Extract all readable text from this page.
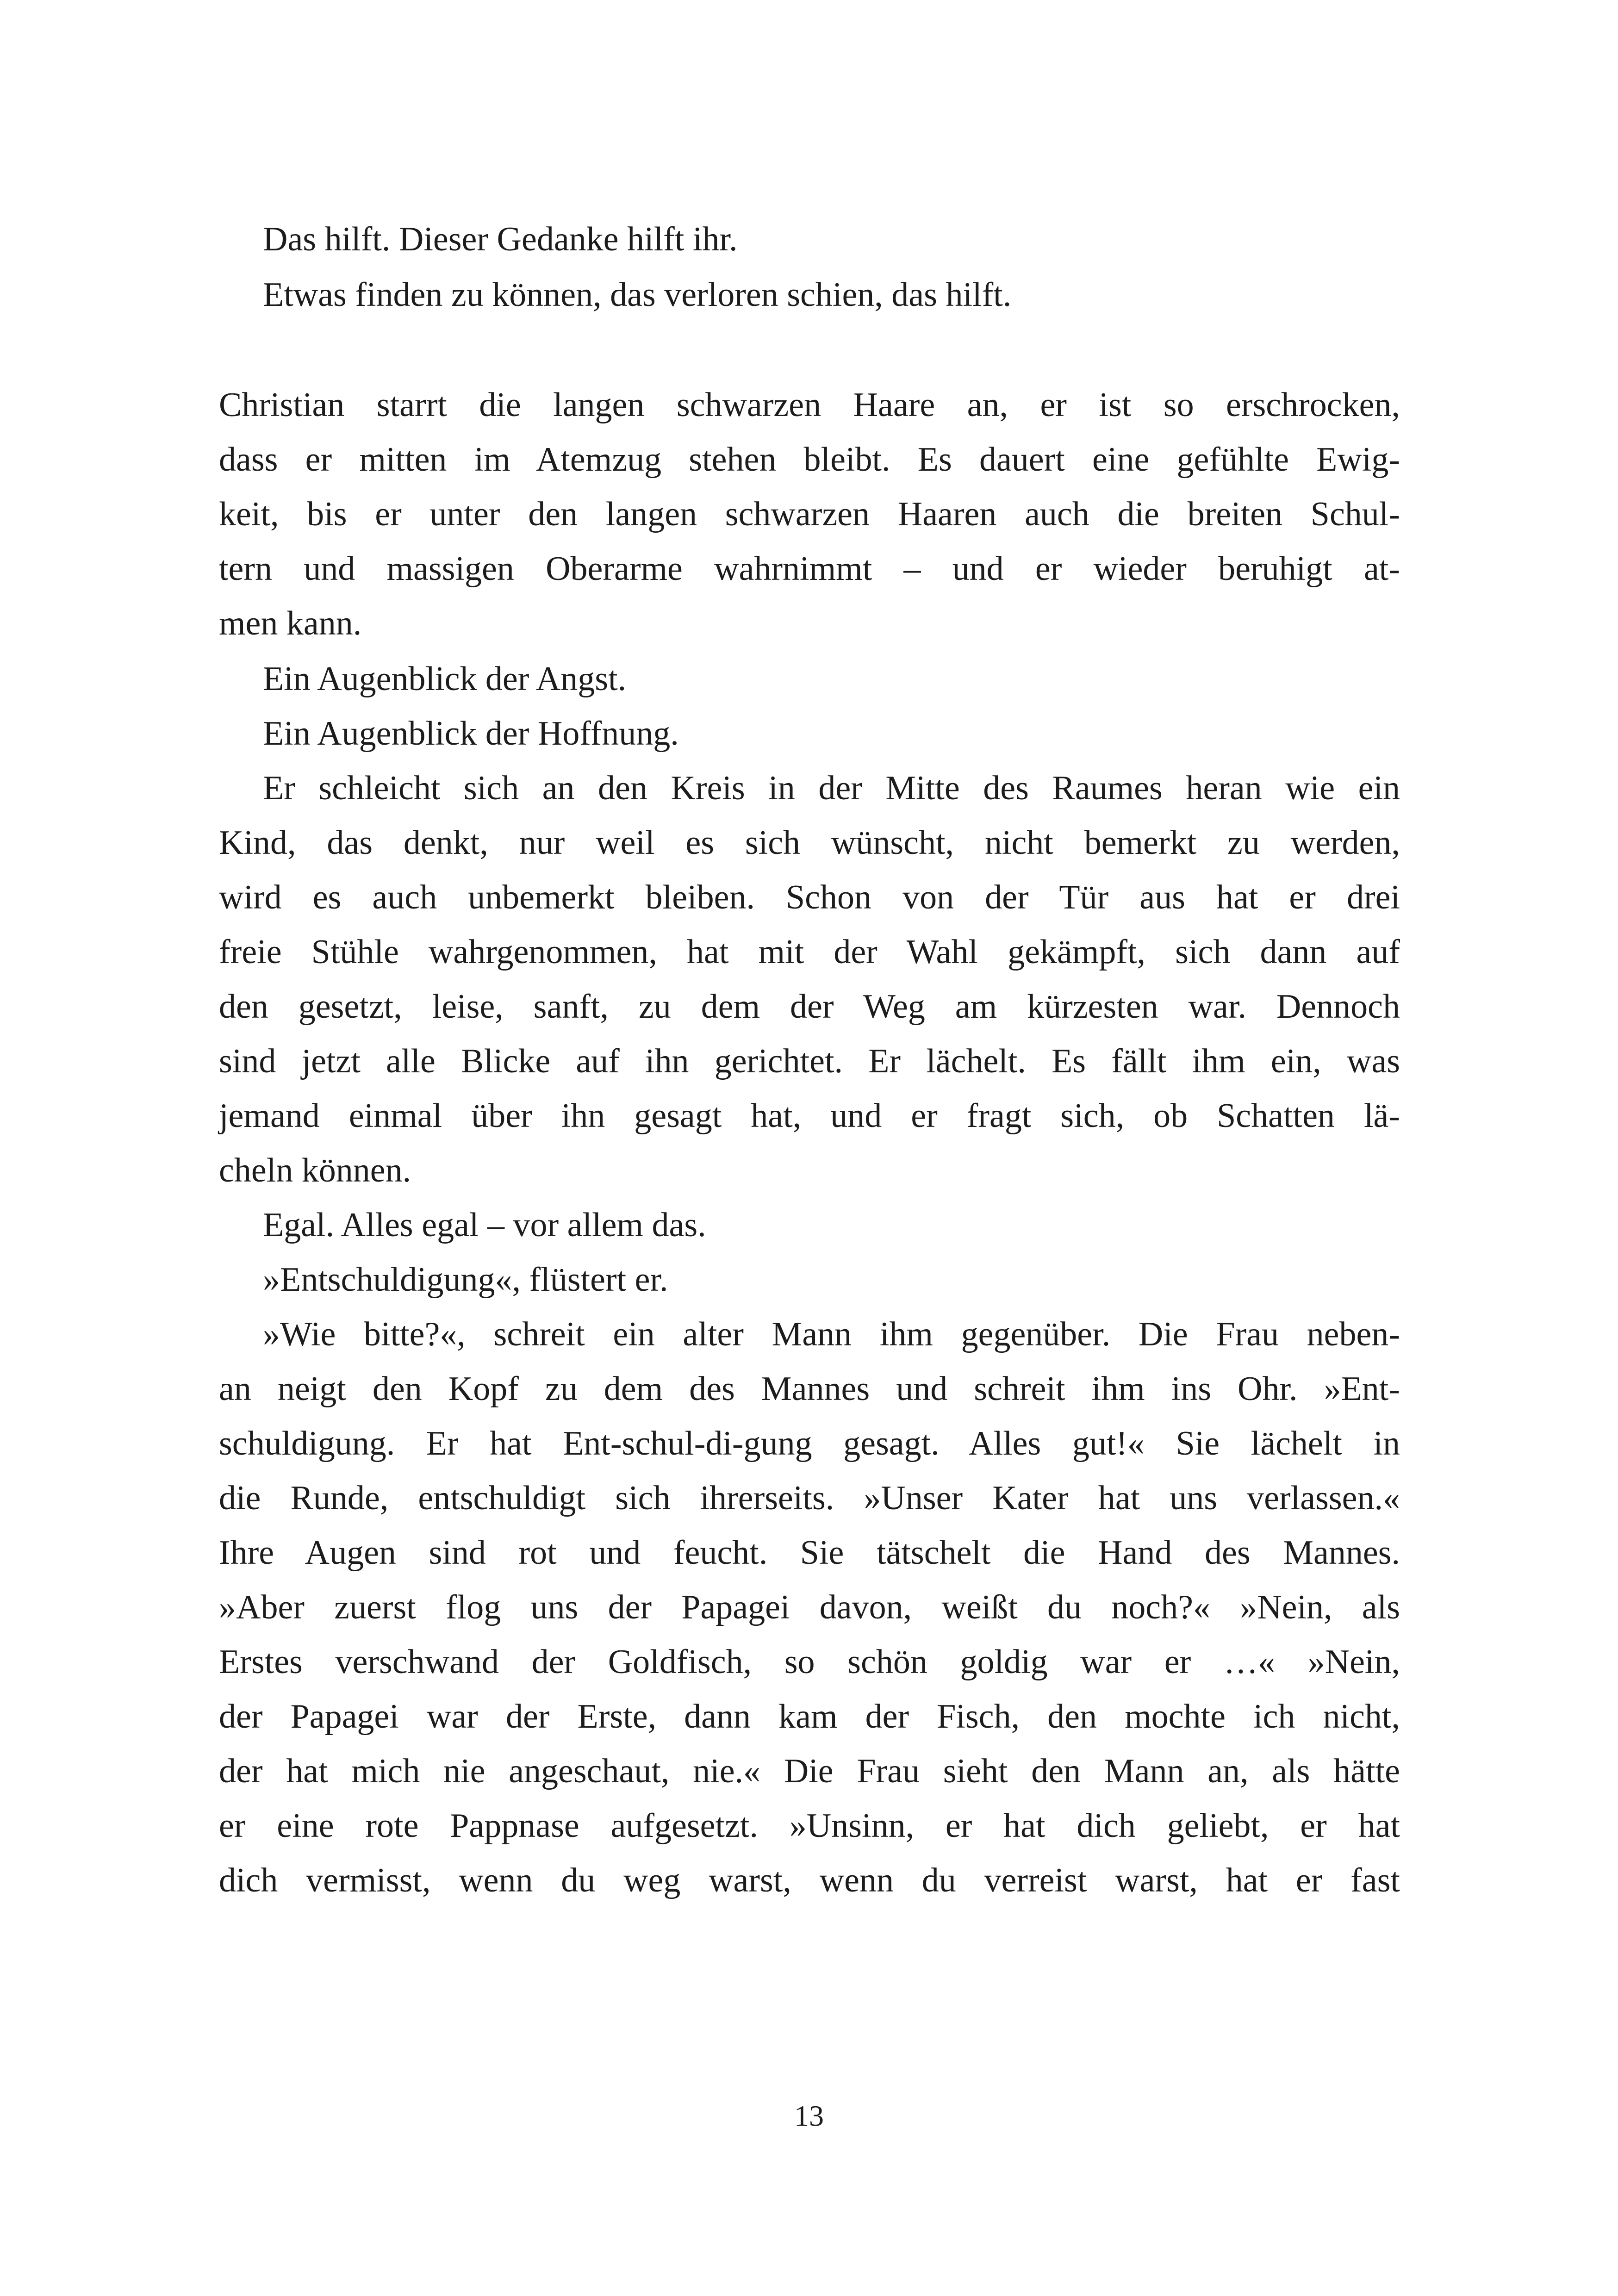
Das hilft. Dieser Gedanke hilft ihr.
Etwas finden zu können, das verloren schien, das hilft.
Christian starrt die langen schwarzen Haare an, er ist so erschrocken,
dass er mitten im Atemzug stehen bleibt. Es dauert eine gefühlte Ewig-
keit, bis er unter den langen schwarzen Haaren auch die breiten Schul-
tern und massigen Oberarme wahrnimmt – und er wieder beruhigt at-
men kann.
Ein Augenblick der Angst.
Ein Augenblick der Hoffnung.
Er schleicht sich an den Kreis in der Mitte des Raumes heran wie ein
Kind, das denkt, nur weil es sich wünscht, nicht bemerkt zu werden,
wird es auch unbemerkt bleiben. Schon von der Tür aus hat er drei
freie Stühle wahrgenommen, hat mit der Wahl gekämpft, sich dann auf
den gesetzt, leise, sanft, zu dem der Weg am kürzesten war. Dennoch
sind jetzt alle Blicke auf ihn gerichtet. Er lächelt. Es fällt ihm ein, was
jemand einmal über ihn gesagt hat, und er fragt sich, ob Schatten lä-
cheln können.
Egal. Alles egal – vor allem das.
»Entschuldigung«, flüstert er.
»Wie bitte?«, schreit ein alter Mann ihm gegenüber. Die Frau neben-
an neigt den Kopf zu dem des Mannes und schreit ihm ins Ohr. »Ent-
schuldigung. Er hat Ent-schul-di-gung gesagt. Alles gut!« Sie lächelt in
die Runde, entschuldigt sich ihrerseits. »Unser Kater hat uns verlassen.«
Ihre Augen sind rot und feucht. Sie tätschelt die Hand des Mannes.
»Aber zuerst flog uns der Papagei davon, weißt du noch?« »Nein, als
Erstes verschwand der Goldfisch, so schön goldig war er …« »Nein,
der Papagei war der Erste, dann kam der Fisch, den mochte ich nicht,
der hat mich nie angeschaut, nie.« Die Frau sieht den Mann an, als hätte
er eine rote Pappnase aufgesetzt. »Unsinn, er hat dich geliebt, er hat
dich vermisst, wenn du weg warst, wenn du verreist warst, hat er fast
13
